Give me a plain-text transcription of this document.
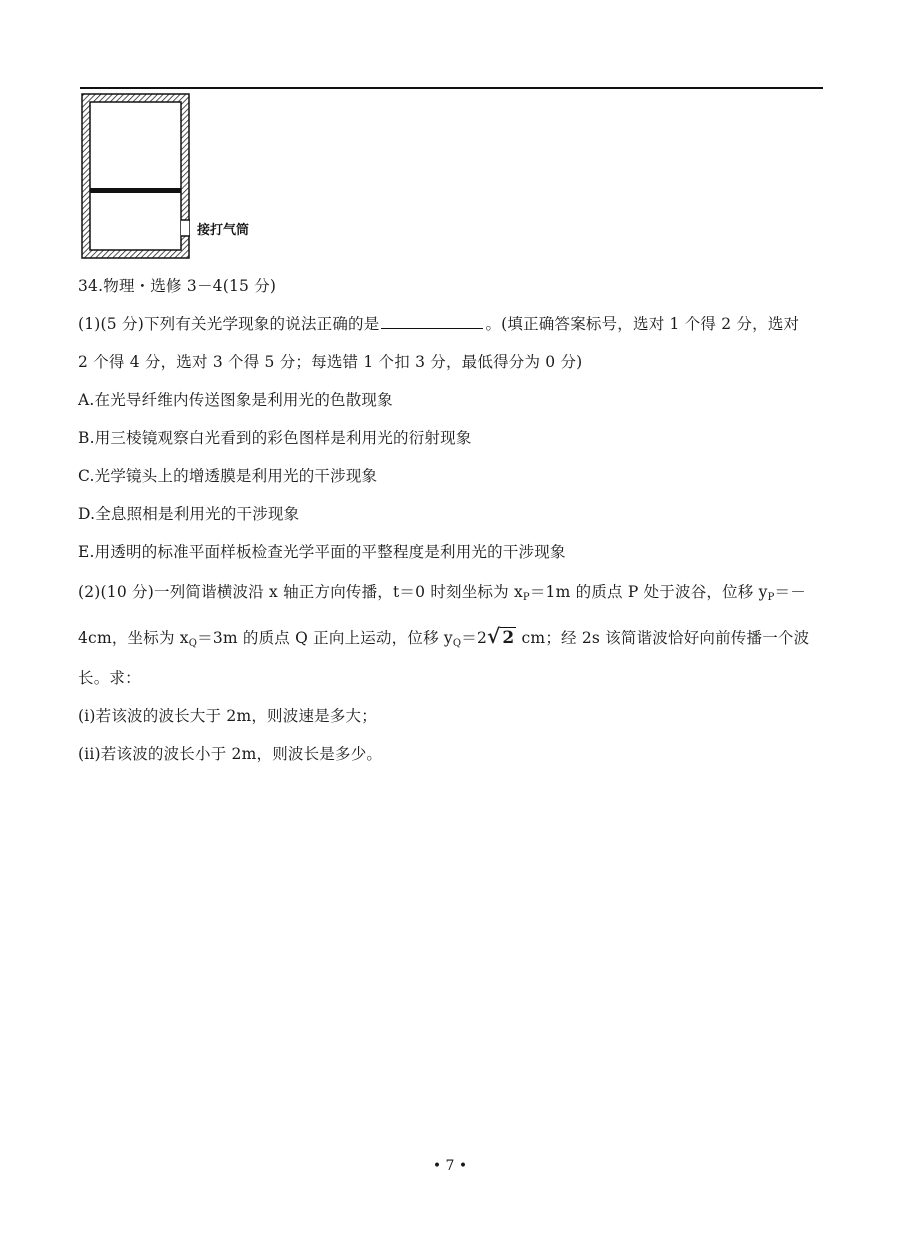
接打气筒
34.物理・选修 3－4(15 分)
(1)(5 分)下列有关光学现象的说法正确的是	。(填正确答案标号，选对 1 个得 2 分，选对
2 个得 4 分，选对 3 个得 5 分；每选错 1 个扣 3 分，最低得分为 0 分)
A.在光导纤维内传送图象是利用光的色散现象
B.用三棱镜观察白光看到的彩色图样是利用光的衍射现象
C.光学镜头上的增透膜是利用光的干涉现象
D.全息照相是利用光的干涉现象
E.用透明的标准平面样板检查光学平面的平整程度是利用光的干涉现象
(2)(10 分)一列简谐横波沿 x 轴正方向传播，t＝0 时刻坐标为 $x_P=1m$ 的质点 P 处于波谷，位移 $y_P=-$
4cm，坐标为 $x_Q=3m$ 的质点 Q 正向上运动，位移 $y_Q=2√$ 2 cm；经 2s 该简谐波恰好向前传播一个波
长。求：
(i)若该波的波长大于 2m，则波速是多大；
(ii)若该波的波长小于 2m，则波长是多少。
• 7 •
